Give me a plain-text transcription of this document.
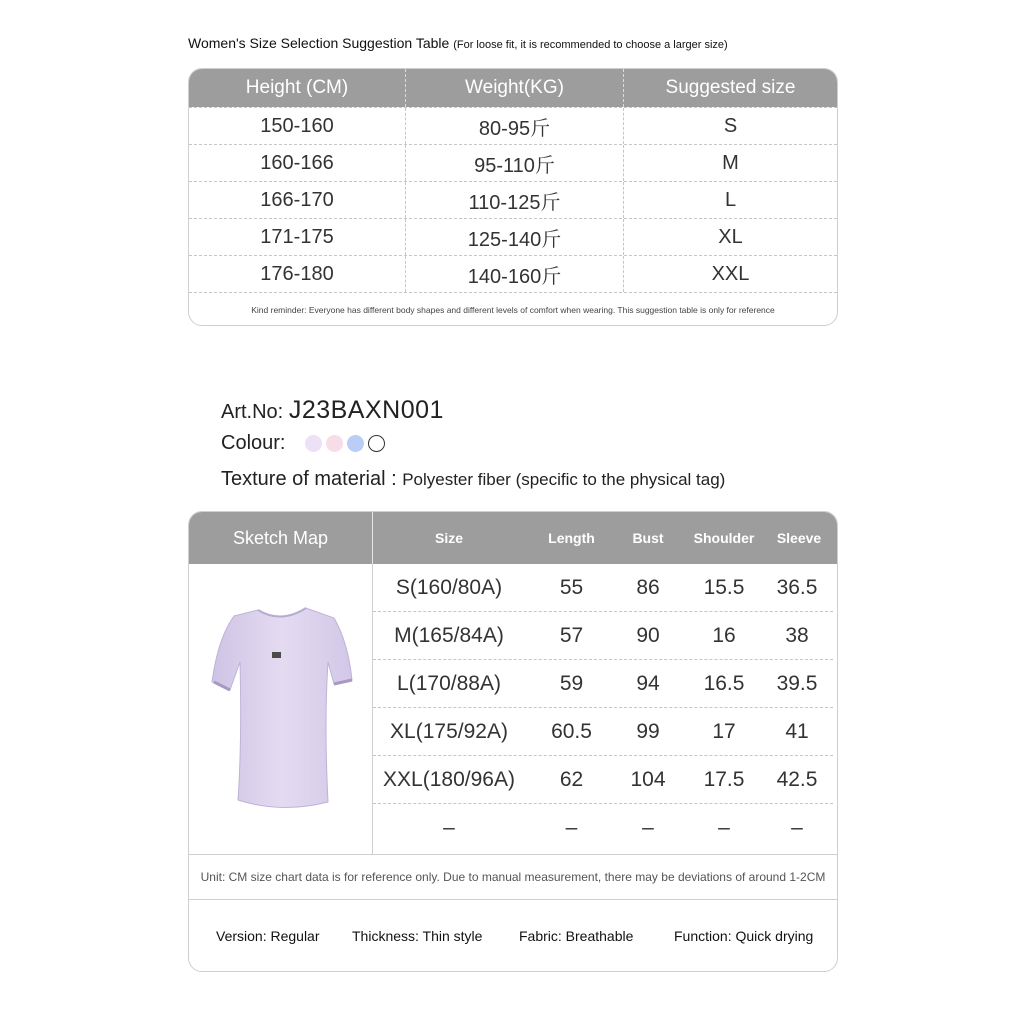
Women's Size Selection Suggestion Table (For loose fit, it is recommended to choose a larger size)
Height (CM)	Weight(KG)	Suggested size
150-160	80-95斤	S
160-166	95-110斤	M
166-170	110-125斤	L
171-175	125-140斤	XL
176-180	140-160斤	XXL
Kind reminder: Everyone has different body shapes and different levels of comfort when wearing. This suggestion table is only for reference
Art.No: J23BAXN001
Colour:
Texture of material : Polyester fiber (specific to the physical tag)
Sketch Map	Size	Length	Bust	Shoulder	Sleeve
S(160/80A)	55	86	15.5	36.5
M(165/84A)	57	90	16	38
L(170/88A)	59	94	16.5	39.5
XL(175/92A)	60.5	99	17	41
XXL(180/96A)	62	104	17.5	42.5
–	–	–	–	–
Unit: CM size chart data is for reference only. Due to manual measurement, there may be deviations of around 1-2CM
Version: Regular Thickness: Thin style	Fabric: Breathable	Function: Quick drying
